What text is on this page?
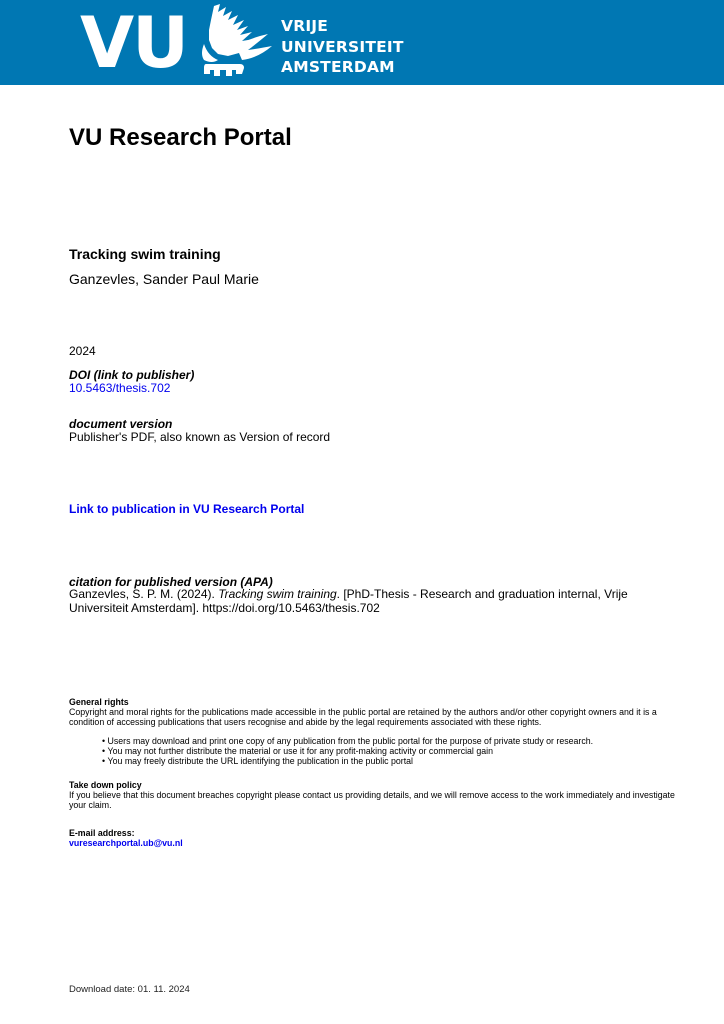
VU	VRIJE
UNIVERSITEIT
AMSTERDAM
VU Research Portal
Tracking swim training
Ganzevles, Sander Paul Marie
2024
DOI (link to publisher)
10.5463/thesis.702
document version
Publisher's PDF, also known as Version of record
Link to publication in VU Research Portal
citation for published version (APA)
Ganzevles, S. P. M. (2024). Tracking swim training. [PhD-Thesis - Research and graduation internal, Vrije Universiteit Amsterdam]. https://doi.org/10.5463/thesis.702
General rights
Copyright and moral rights for the publications made accessible in the public portal are retained by the authors and/or other copyright owners and it is a condition of accessing publications that users recognise and abide by the legal requirements associated with these rights.
• Users may download and print one copy of any publication from the public portal for the purpose of private study or research.
• You may not further distribute the material or use it for any profit-making activity or commercial gain
• You may freely distribute the URL identifying the publication in the public portal
Take down policy
If you believe that this document breaches copyright please contact us providing details, and we will remove access to the work immediately and investigate your claim.
E-mail address:
vuresearchportal.ub@vu.nl
Download date: 01. 11. 2024
